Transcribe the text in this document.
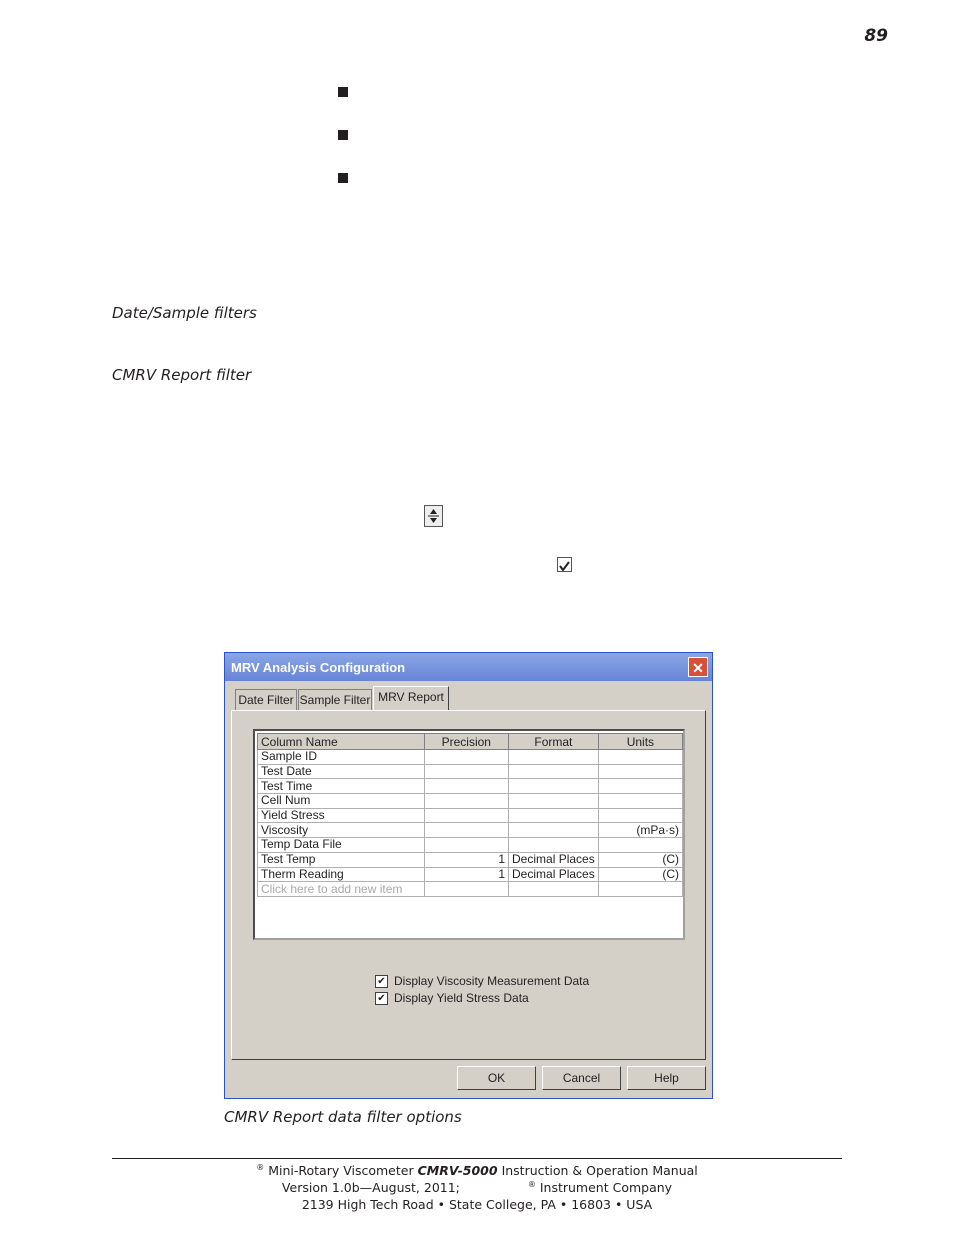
89
Date/Sample filters
CMRV Report filter
MRV Analysis Configuration	✕
Date Filter Sample Filter MRV Report
Column Name	Precision	Format	Units
Sample ID			
Test Date			
Test Time			
Cell Num			
Yield Stress			
Viscosity			(mPa·s)
Temp Data File			
Test Temp	1	Decimal Places	(C)
Therm Reading	1	Decimal Places	(C)
Click here to add new item			
✔ Display Viscosity Measurement Data
✔ Display Yield Stress Data
OK	Cancel	Help
CMRV Report data filter options
® Mini-Rotary Viscometer CMRV-5000 Instruction & Operation Manual
Version 1.0b—August, 2011;	® Instrument Company
2139 High Tech Road • State College, PA • 16803 • USA
